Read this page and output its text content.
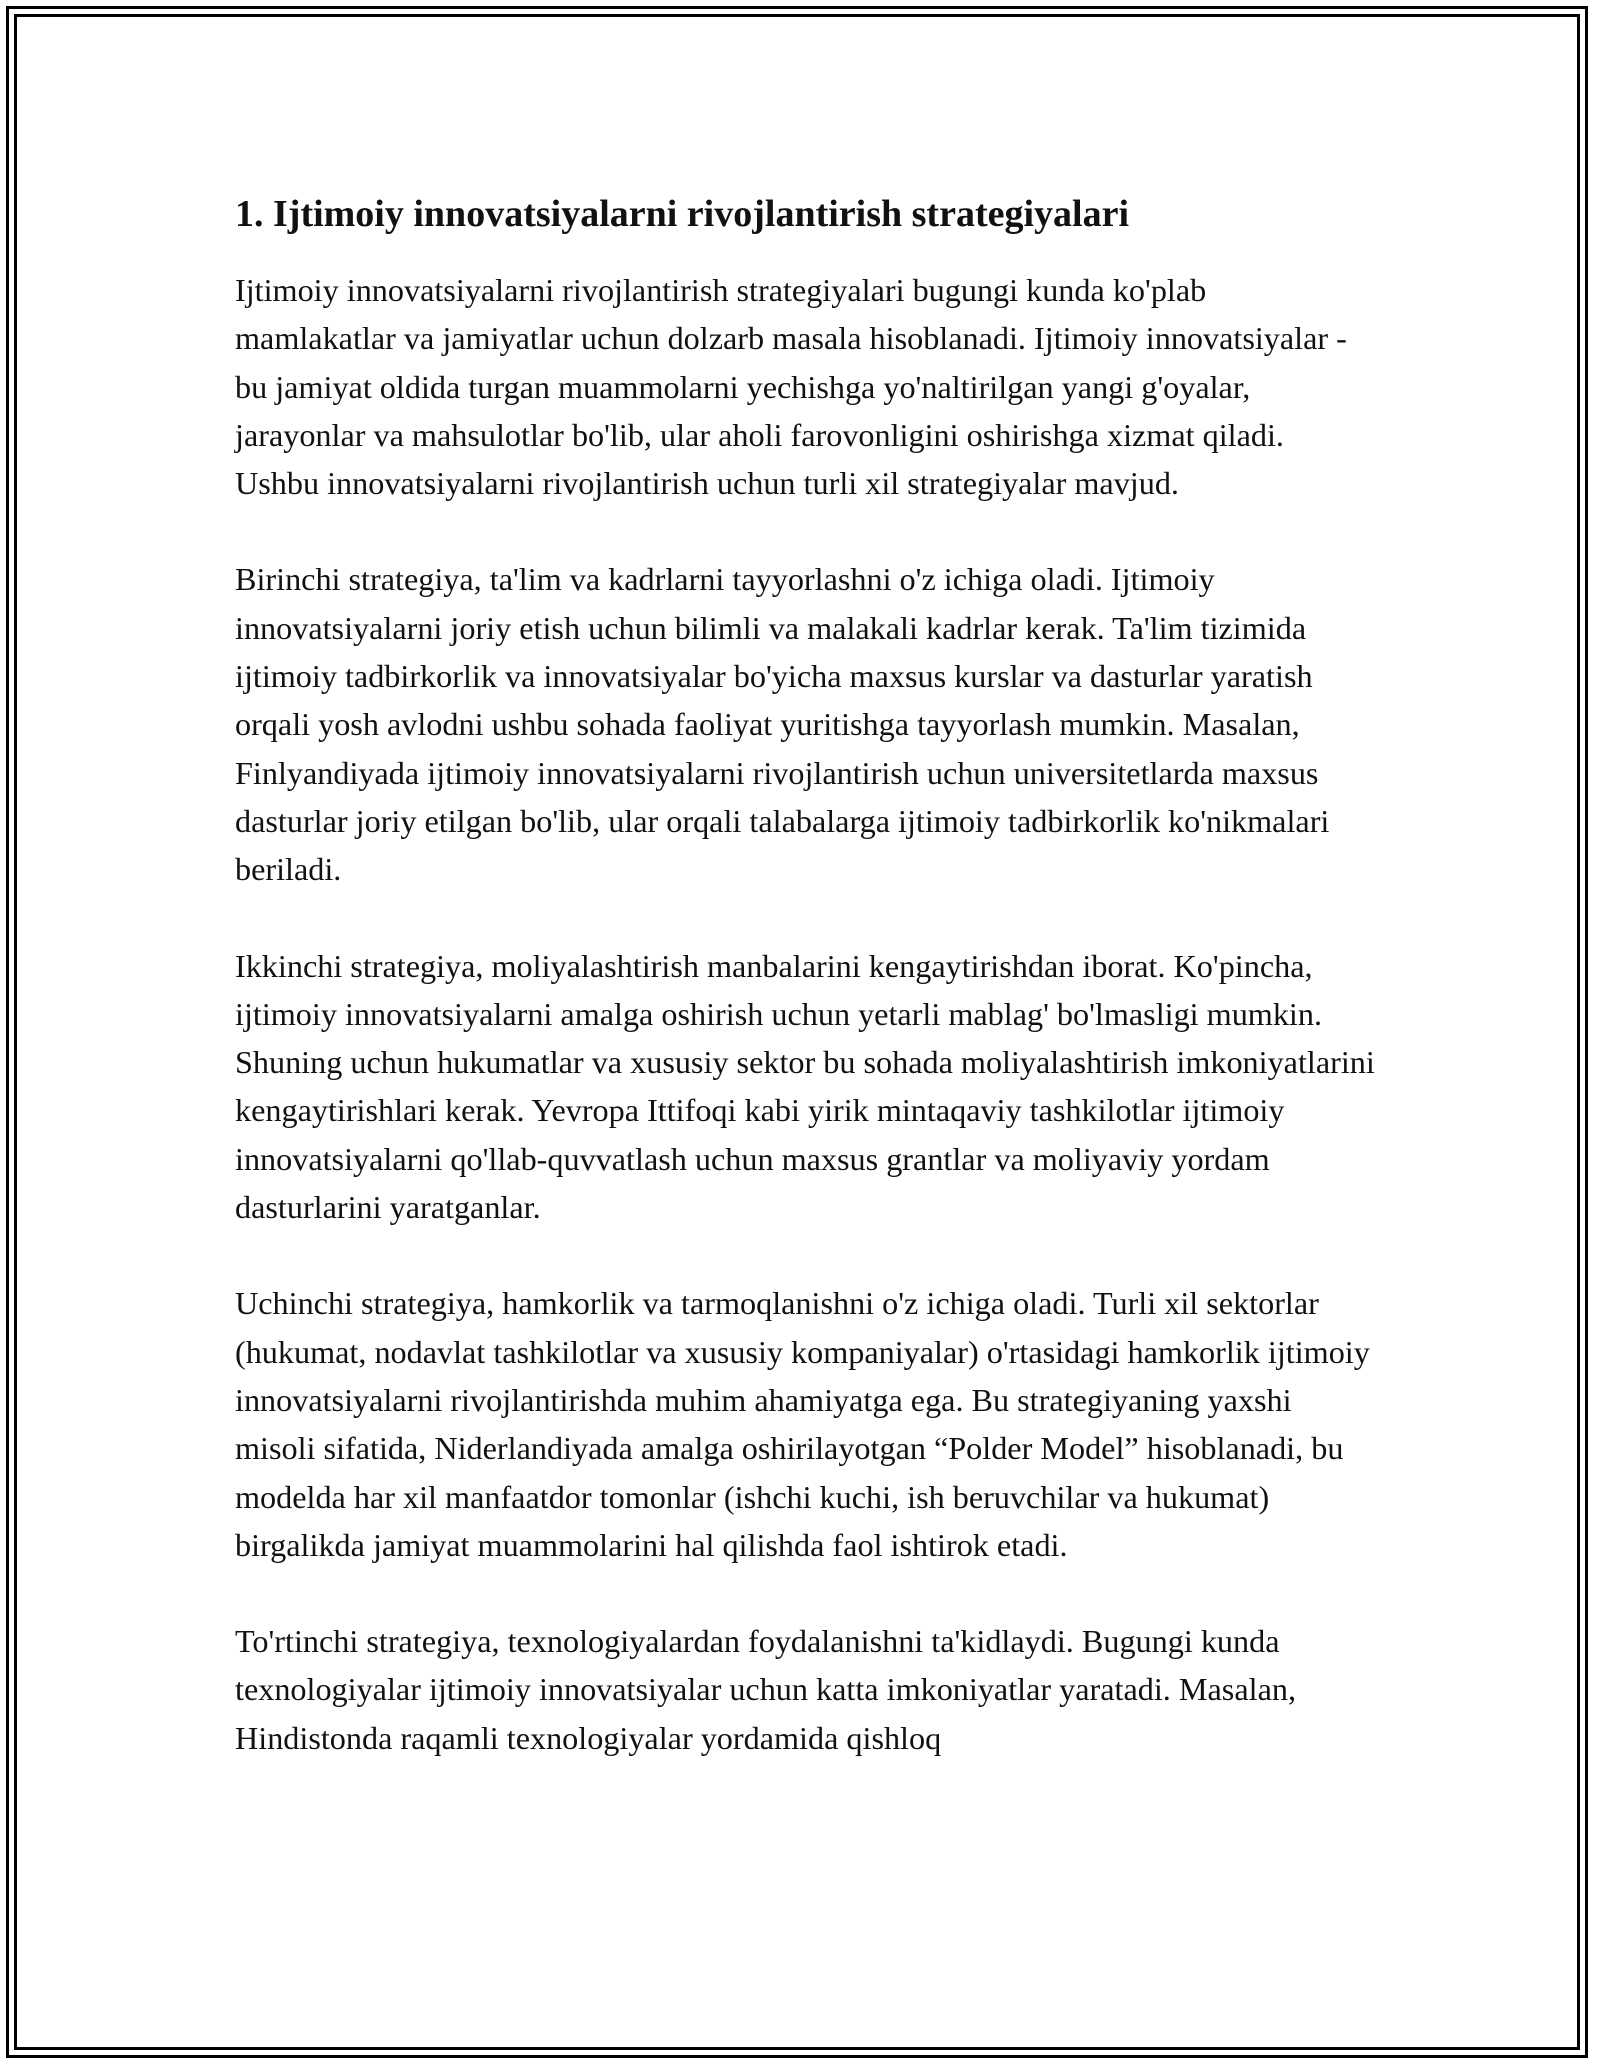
1. Ijtimoiy innovatsiyalarni rivojlantirish strategiyalari

Ijtimoiy innovatsiyalarni rivojlantirish strategiyalari bugungi kunda ko'plab mamlakatlar va jamiyatlar uchun dolzarb masala hisoblanadi. Ijtimoiy innovatsiyalar - bu jamiyat oldida turgan muammolarni yechishga yo'naltirilgan yangi g'oyalar, jarayonlar va mahsulotlar bo'lib, ular aholi farovonligini oshirishga xizmat qiladi. Ushbu innovatsiyalarni rivojlantirish uchun turli xil strategiyalar mavjud.

Birinchi strategiya, ta'lim va kadrlarni tayyorlashni o'z ichiga oladi. Ijtimoiy innovatsiyalarni joriy etish uchun bilimli va malakali kadrlar kerak. Ta'lim tizimida ijtimoiy tadbirkorlik va innovatsiyalar bo'yicha maxsus kurslar va dasturlar yaratish orqali yosh avlodni ushbu sohada faoliyat yuritishga tayyorlash mumkin. Masalan, Finlyandiyada ijtimoiy innovatsiyalarni rivojlantirish uchun universitetlarda maxsus dasturlar joriy etilgan bo'lib, ular orqali talabalarga ijtimoiy tadbirkorlik ko'nikmalari beriladi.

Ikkinchi strategiya, moliyalashtirish manbalarini kengaytirishdan iborat. Ko'pincha, ijtimoiy innovatsiyalarni amalga oshirish uchun yetarli mablag' bo'lmasligi mumkin. Shuning uchun hukumatlar va xususiy sektor bu sohada moliyalashtirish imkoniyatlarini kengaytirishlari kerak. Yevropa Ittifoqi kabi yirik mintaqaviy tashkilotlar ijtimoiy innovatsiyalarni qo'llab-quvvatlash uchun maxsus grantlar va moliyaviy yordam dasturlarini yaratganlar.

Uchinchi strategiya, hamkorlik va tarmoqlanishni o'z ichiga oladi. Turli xil sektorlar (hukumat, nodavlat tashkilotlar va xususiy kompaniyalar) o'rtasidagi hamkorlik ijtimoiy innovatsiyalarni rivojlantirishda muhim ahamiyatga ega. Bu strategiyaning yaxshi misoli sifatida, Niderlandiyada amalga oshirilayotgan “Polder Model” hisoblanadi, bu modelda har xil manfaatdor tomonlar (ishchi kuchi, ish beruvchilar va hukumat) birgalikda jamiyat muammolarini hal qilishda faol ishtirok etadi.

To'rtinchi strategiya, texnologiyalardan foydalanishni ta'kidlaydi. Bugungi kunda texnologiyalar ijtimoiy innovatsiyalar uchun katta imkoniyatlar yaratadi. Masalan, Hindistonda raqamli texnologiyalar yordamida qishloq
